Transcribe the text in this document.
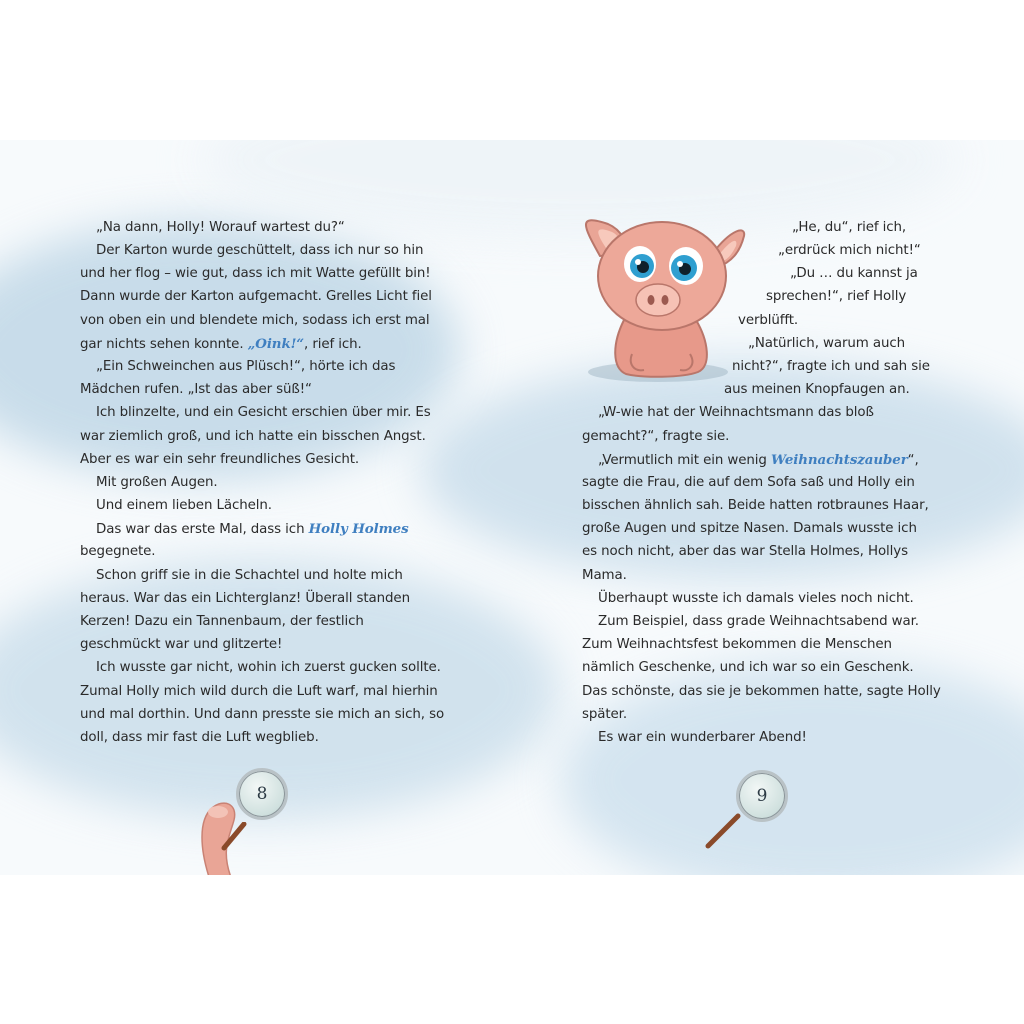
„Na dann, Holly! Worauf wartest du?“
Der Karton wurde geschüttelt, dass ich nur so hin
und her flog – wie gut, dass ich mit Watte gefüllt bin!
Dann wurde der Karton aufgemacht. Grelles Licht fiel
von oben ein und blendete mich, sodass ich erst mal
gar nichts sehen konnte. „Oink!“, rief ich.
„Ein Schweinchen aus Plüsch!“, hörte ich das
Mädchen rufen. „Ist das aber süß!“
Ich blinzelte, und ein Gesicht erschien über mir. Es
war ziemlich groß, und ich hatte ein bisschen Angst.
Aber es war ein sehr freundliches Gesicht.
Mit großen Augen.
Und einem lieben Lächeln.
Das war das erste Mal, dass ich Holly Holmes
begegnete.
Schon griff sie in die Schachtel und holte mich
heraus. War das ein Lichterglanz! Überall standen
Kerzen! Dazu ein Tannenbaum, der festlich
geschmückt war und glitzerte!
Ich wusste gar nicht, wohin ich zuerst gucken sollte.
Zumal Holly mich wild durch die Luft warf, mal hierhin
und mal dorthin. Und dann presste sie mich an sich, so
doll, dass mir fast die Luft wegblieb.
8
„He, du“, rief ich,
„erdrück mich nicht!“
„Du … du kannst ja
sprechen!“, rief Holly
verblüfft.
„Natürlich, warum auch
nicht?“, fragte ich und sah sie
aus meinen Knopfaugen an.
„W-wie hat der Weihnachtsmann das bloß
gemacht?“, fragte sie.
„Vermutlich mit ein wenig Weihnachtszauber“,
sagte die Frau, die auf dem Sofa saß und Holly ein
bisschen ähnlich sah. Beide hatten rotbraunes Haar,
große Augen und spitze Nasen. Damals wusste ich
es noch nicht, aber das war Stella Holmes, Hollys
Mama.
Überhaupt wusste ich damals vieles noch nicht.
Zum Beispiel, dass grade Weihnachtsabend war.
Zum Weihnachtsfest bekommen die Menschen
nämlich Geschenke, und ich war so ein Geschenk.
Das schönste, das sie je bekommen hatte, sagte Holly
später.
Es war ein wunderbarer Abend!
9
